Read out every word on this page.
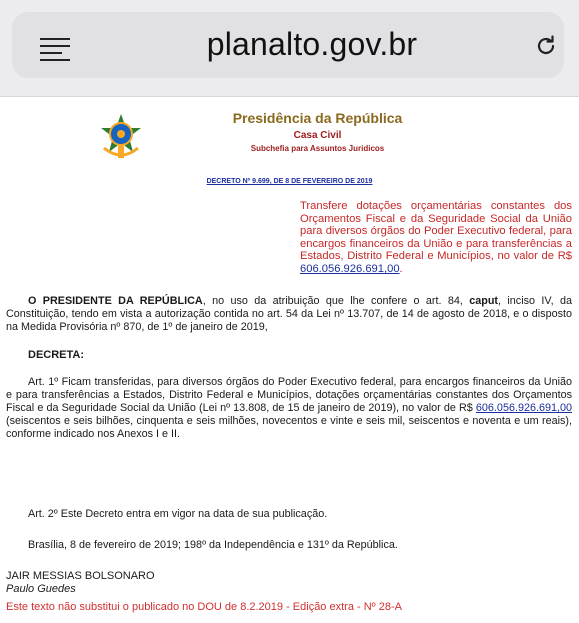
planalto.gov.br
Presidência da República
Casa Civil
Subchefia para Assuntos Jurídicos
DECRETO Nº 9.699, DE 8 DE FEVEREIRO DE 2019
Transfere dotações orçamentárias constantes dos Orçamentos Fiscal e da Seguridade Social da União para diversos órgãos do Poder Executivo federal, para encargos financeiros da União e para transferências a Estados, Distrito Federal e Municípios, no valor de R$ 606.056.926.691,00.
O PRESIDENTE DA REPÚBLICA, no uso da atribuição que lhe confere o art. 84, caput, inciso IV, da Constituição, tendo em vista a autorização contida no art. 54 da Lei nº 13.707, de 14 de agosto de 2018, e o disposto na Medida Provisória nº 870, de 1º de janeiro de 2019,
DECRETA:
Art. 1º Ficam transferidas, para diversos órgãos do Poder Executivo federal, para encargos financeiros da União e para transferências a Estados, Distrito Federal e Municípios, dotações orçamentárias constantes dos Orçamentos Fiscal e da Seguridade Social da União (Lei nº 13.808, de 15 de janeiro de 2019), no valor de R$ 606.056.926.691,00 (seiscentos e seis bilhões, cinquenta e seis milhões, novecentos e vinte e seis mil, seiscentos e noventa e um reais), conforme indicado nos Anexos I e II.
Art. 2º Este Decreto entra em vigor na data de sua publicação.
Brasília, 8 de fevereiro de 2019; 198º da Independência e 131º da República.
JAIR MESSIAS BOLSONARO
Paulo Guedes
Este texto não substitui o publicado no DOU de 8.2.2019 - Edição extra - Nº 28-A
